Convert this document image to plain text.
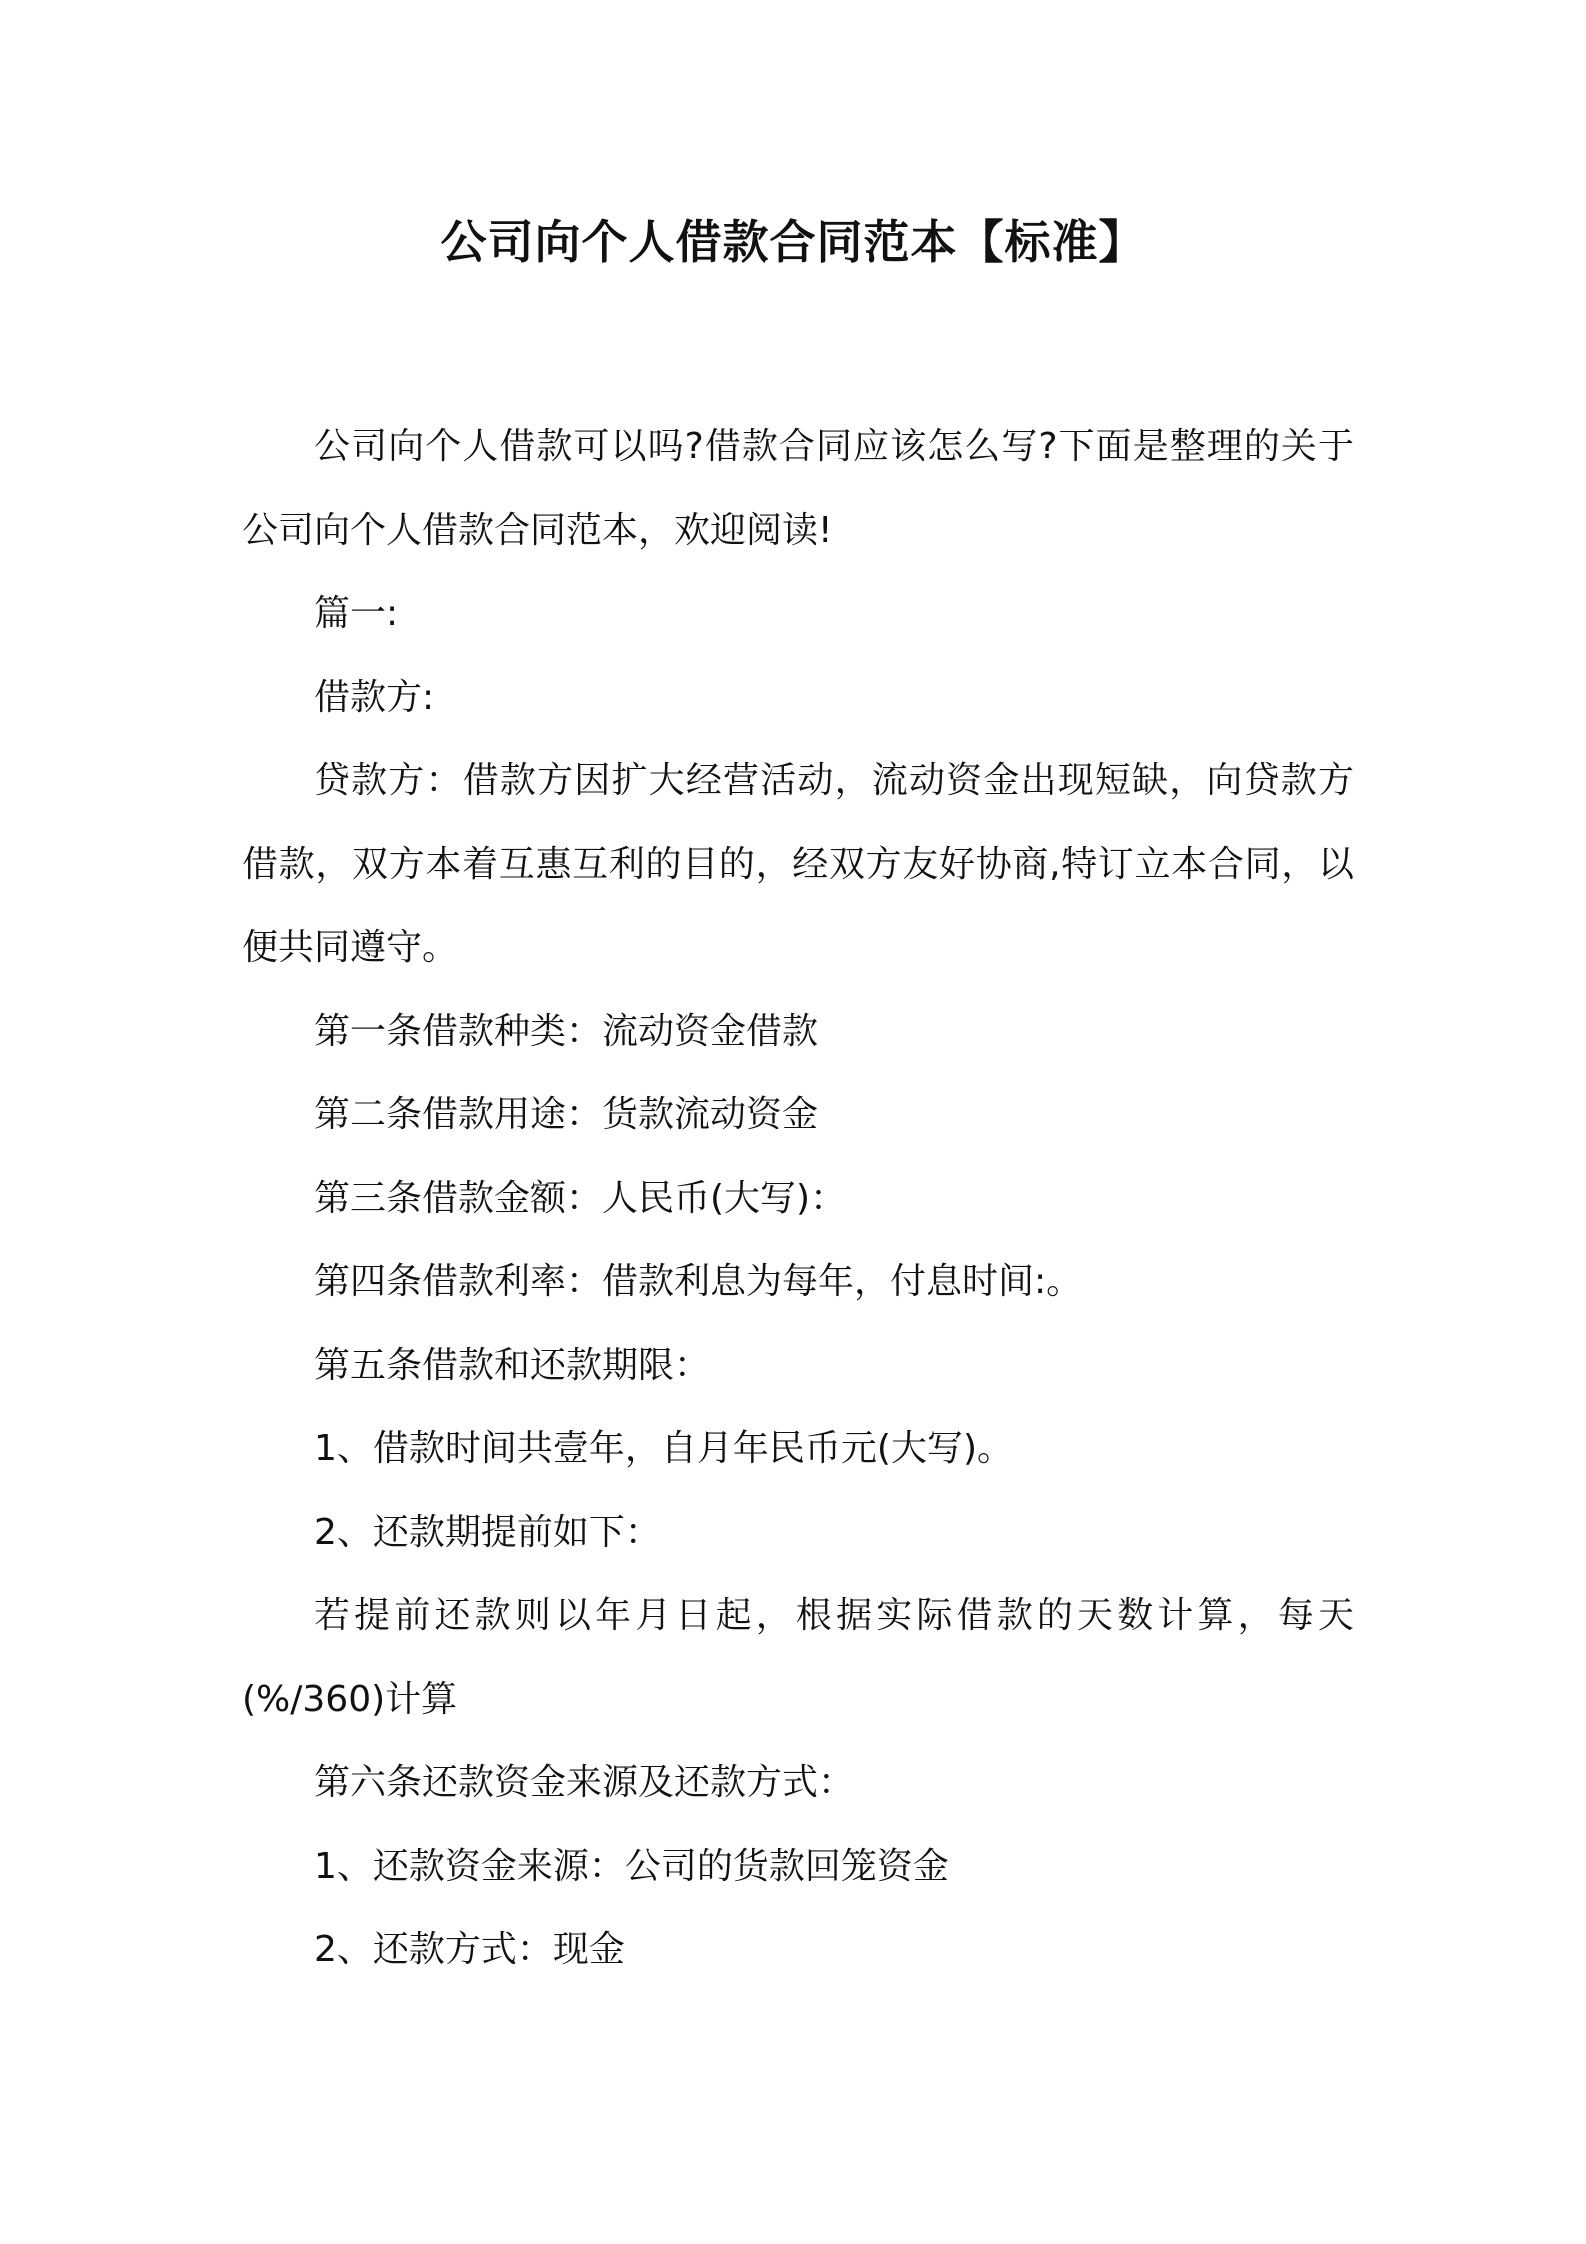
公司向个人借款合同范本【标准】

公司向个人借款可以吗?借款合同应该怎么写?下面是整理的关于公司向个人借款合同范本，欢迎阅读!

篇一:

借款方:

贷款方：借款方因扩大经营活动，流动资金出现短缺，向贷款方借款，双方本着互惠互利的目的，经双方友好协商,特订立本合同，以便共同遵守。

第一条借款种类：流动资金借款

第二条借款用途：货款流动资金

第三条借款金额：人民币(大写)：

第四条借款利率：借款利息为每年，付息时间:。

第五条借款和还款期限：

1、借款时间共壹年，自月年民币元(大写)。

2、还款期提前如下：

若提前还款则以年月日起，根据实际借款的天数计算，每天(%/360)计算

第六条还款资金来源及还款方式：

1、还款资金来源：公司的货款回笼资金

2、还款方式：现金
